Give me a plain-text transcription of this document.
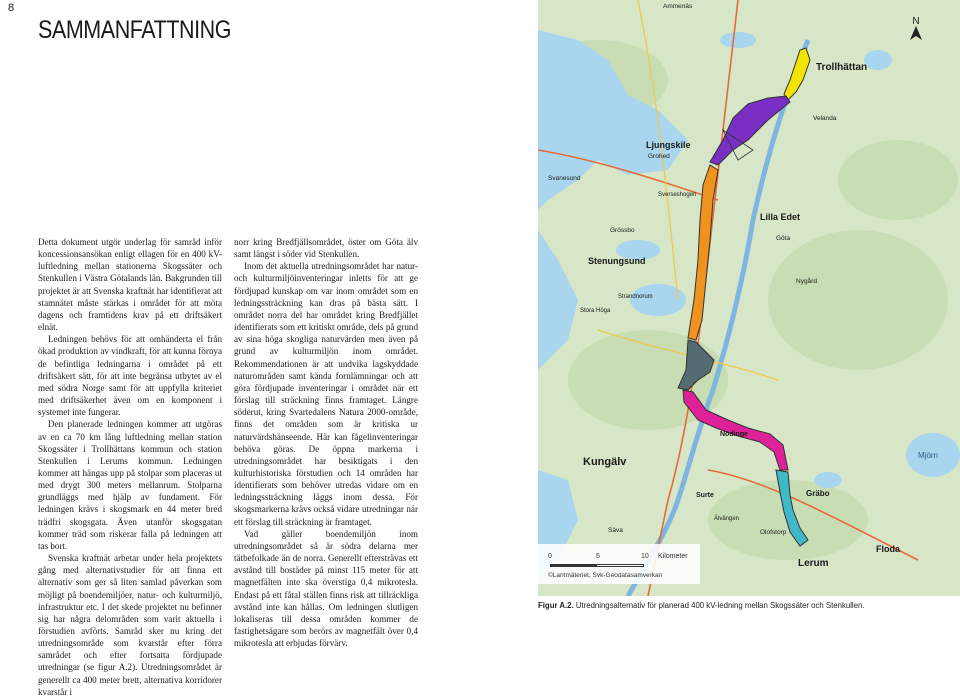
8
SAMMANFATTNING

Detta dokument utgör underlag för samråd inför koncessionsansökan enligt ellagen för en 400 kV-luftledning mellan stationerna Skogssäter och Stenkullen i Västra Götalands län. Bakgrunden till projektet är att Svenska kraftnät har identifierat att stamnätet måste stärkas i området för att möta dagens och framtidens krav på ett driftsäkert elnät.

Ledningen behövs för att omhänderta el från ökad produktion av vindkraft, för att kunna förnya de befintliga ledningarna i området på ett driftsäkert sätt, för att inte begränsa utbytet av el med södra Norge samt för att uppfylla kriteriet med driftsäkerhet även om en komponent i systemet inte fungerar.

Den planerade ledningen kommer att utgöras av en ca 70 km lång luftledning mellan station Skogssäter i Trollhättans kommun och station Stenkullen i Lerums kommun. Ledningen kommer att hängas upp på stolpar som placeras ut med drygt 300 meters mellanrum. Stolparna grundläggs med hjälp av fundament. För ledningen krävs i skogsmark en 44 meter bred trädfri skogsgata. Även utanför skogsgatan kommer träd som riskerar falla på ledningen att tas bort.

Svenska kraftnät arbetar under hela projektets gång med alternativstudier för att finna ett alternativ som ger så liten samlad påverkan som möjligt på boendemiljöer, natur- och kulturmiljö, infrastruktur etc. I det skede projektet nu befinner sig har några delområden som varit aktuella i förstudien avförts. Samråd sker nu kring det utredningsområde som kvarstår efter förra samrådet och efter fortsatta fördjupade utredningar (se figur A.2). Utredningsområdet är generellt ca 400 meter brett, alternativa korridorer kvarstår i

norr kring Bredfjällsområdet, öster om Göta älv samt längst i söder vid Stenkullen.

Inom det aktuella utredningsområdet har natur- och kulturmiljöinventeringar inletts för att ge fördjupad kunskap om var inom området som en ledningssträckning kan dras på bästa sätt. I området norra del har området kring Bredfjället identifierats som ett kritiskt område, dels på grund av sina höga skogliga naturvärden men även på grund av kulturmiljön inom området. Rekommendationen är att undvika lagskyddade naturområden samt kända fornlämningar och att göra fördjupade inventeringar i området när ett förslag till sträckning finns framtaget. Längre söderut, kring Svartedalens Natura 2000-område, finns det områden som är kritiska ur naturvärdshänseende. Här kan fågelinventeringar behöva göras. De öppna markerna i utredningsområdet har besiktigats i den kulturhistoriska förstudien och 14 områden har identifierats som behöver utredas vidare om en ledningssträckning läggs inom dessa. För skogsmarkerna krävs också vidare utredningar när ett förslag till sträckning är framtaget.

Vad gäller boendemiljön inom utredningsområdet så är södra delarna mer tätbefolkade än de norra. Generellt eftersträvas ett avstånd till bostäder på minst 115 meter för att magnetfälten inte ska överstiga 0,4 mikrotesla. Endast på ett fåtal ställen finns risk att tillräckliga avstånd inte kan hållas. Om ledningen slutligen lokaliseras till dessa områden kommer de fastighetsägare som berörs av magnetfält över 0,4 mikrotesla att erbjudas förvärv.

N
Ammenäs
Trollhättan
Ljungskile
Velanda
Grohed
Svanesund
Sverseshogen
Lilla Edet
Göta
Grössbo
Stenungsund
Nygård
Strandnorum
Stora Höga
Nödinge
Kungälv
Surte
Mjörn
Gräbo
Älvängen
Säva	Olofstorp
Floda
Lerum
0	5	10 Kilometer
©Lantmäteriet, Svk-Geodatasamverkan
Figur A.2. Utredningsalternativ för planerad 400 kV-ledning mellan Skogssäter och Stenkullen.
